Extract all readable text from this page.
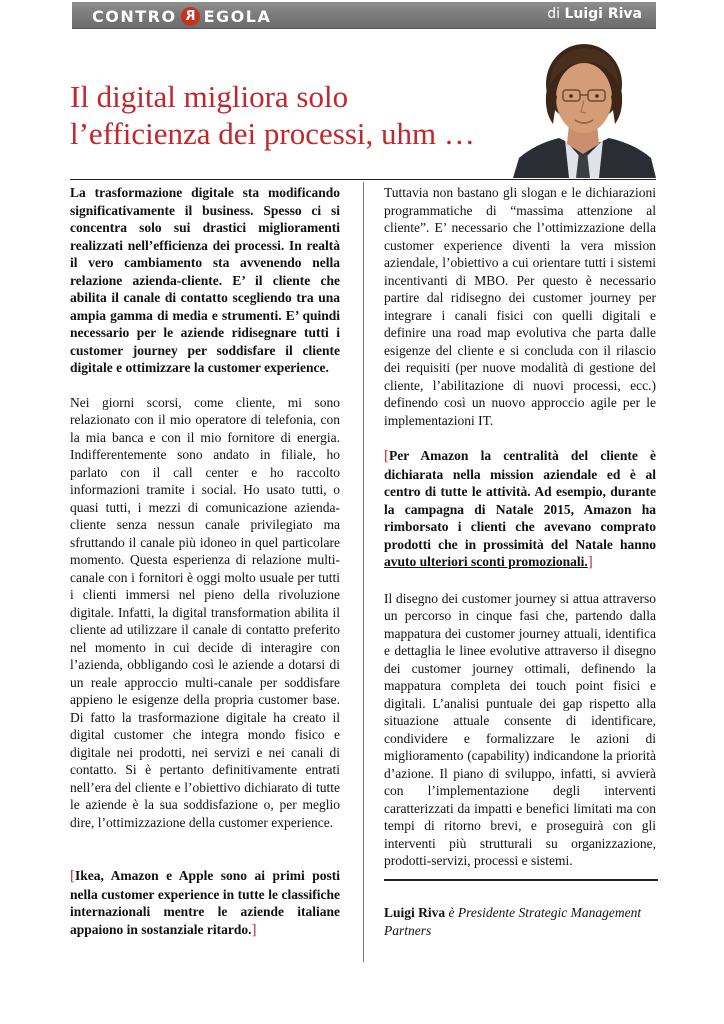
CONTRO R EGOLA	di Luigi Riva
Il digital migliora solo
l’efficienza dei processi, uhm …

La trasformazione digitale sta modificando significativamente il business. Spesso ci si concentra solo sui drastici miglioramenti realizzati nell’efficienza dei processi. In realtà il vero cambiamento sta avvenendo nella relazione azienda-cliente. E’ il cliente che abilita il canale di contatto scegliendo tra una ampia gamma di media e strumenti. E’ quindi necessario per le aziende ridisegnare tutti i customer journey per soddisfare il cliente digitale e ottimizzare la customer experience.

Nei giorni scorsi, come cliente, mi sono relazionato con il mio operatore di telefonia, con la mia banca e con il mio fornitore di energia. Indifferentemente sono andato in filiale, ho parlato con il call center e ho raccolto informazioni tramite i social. Ho usato tutti, o quasi tutti, i mezzi di comunicazione azienda-cliente senza nessun canale privilegiato ma sfruttando il canale più idoneo in quel particolare momento. Questa esperienza di relazione multi-canale con i fornitori è oggi molto usuale per tutti i clienti immersi nel pieno della rivoluzione digitale. Infatti, la digital transformation abilita il cliente ad utilizzare il canale di contatto preferito nel momento in cui decide di interagire con l’azienda, obbligando così le aziende a dotarsi di un reale approccio multi-canale per soddisfare appieno le esigenze della propria customer base. Di fatto la trasformazione digitale ha creato il digital customer che integra mondo fisico e digitale nei prodotti, nei servizi e nei canali di contatto. Si è pertanto definitivamente entrati nell’era del cliente e l’obiettivo dichiarato di tutte le aziende è la sua soddisfazione o, per meglio dire, l’ottimizzazione della customer experience.

[Ikea, Amazon e Apple sono ai primi posti nella customer experience in tutte le classifiche internazionali mentre le aziende italiane appaiono in sostanziale ritardo.]

Tuttavia non bastano gli slogan e le dichiarazioni programmatiche di “massima attenzione al cliente”. E’ necessario che l’ottimizzazione della customer experience diventi la vera mission aziendale, l’obiettivo a cui orientare tutti i sistemi incentivanti di MBO. Per questo è necessario partire dal ridisegno dei customer journey per integrare i canali fisici con quelli digitali e definire una road map evolutiva che parta dalle esigenze del cliente e si concluda con il rilascio dei requisiti (per nuove modalità di gestione del cliente, l’abilitazione di nuovi processi, ecc.) definendo così un nuovo approccio agile per le implementazioni IT.

[Per Amazon la centralità del cliente è dichiarata nella mission aziendale ed è al centro di tutte le attività. Ad esempio, durante la campagna di Natale 2015, Amazon ha rimborsato i clienti che avevano comprato prodotti che in prossimità del Natale hanno avuto ulteriori sconti promozionali.]

Il disegno dei customer journey si attua attraverso un percorso in cinque fasi che, partendo dalla mappatura dei customer journey attuali, identifica e dettaglia le linee evolutive attraverso il disegno dei customer journey ottimali, definendo la mappatura completa dei touch point fisici e digitali. L’analisi puntuale dei gap rispetto alla situazione attuale consente di identificare, condividere e formalizzare le azioni di miglioramento (capability) indicandone la priorità d’azione. Il piano di sviluppo, infatti, si avvierà con l’implementazione degli interventi caratterizzati da impatti e benefici limitati ma con tempi di ritorno brevi, e proseguirà con gli interventi più strutturali su organizzazione, prodotti-servizi, processi e sistemi.

Luigi Riva è Presidente Strategic Management Partners
